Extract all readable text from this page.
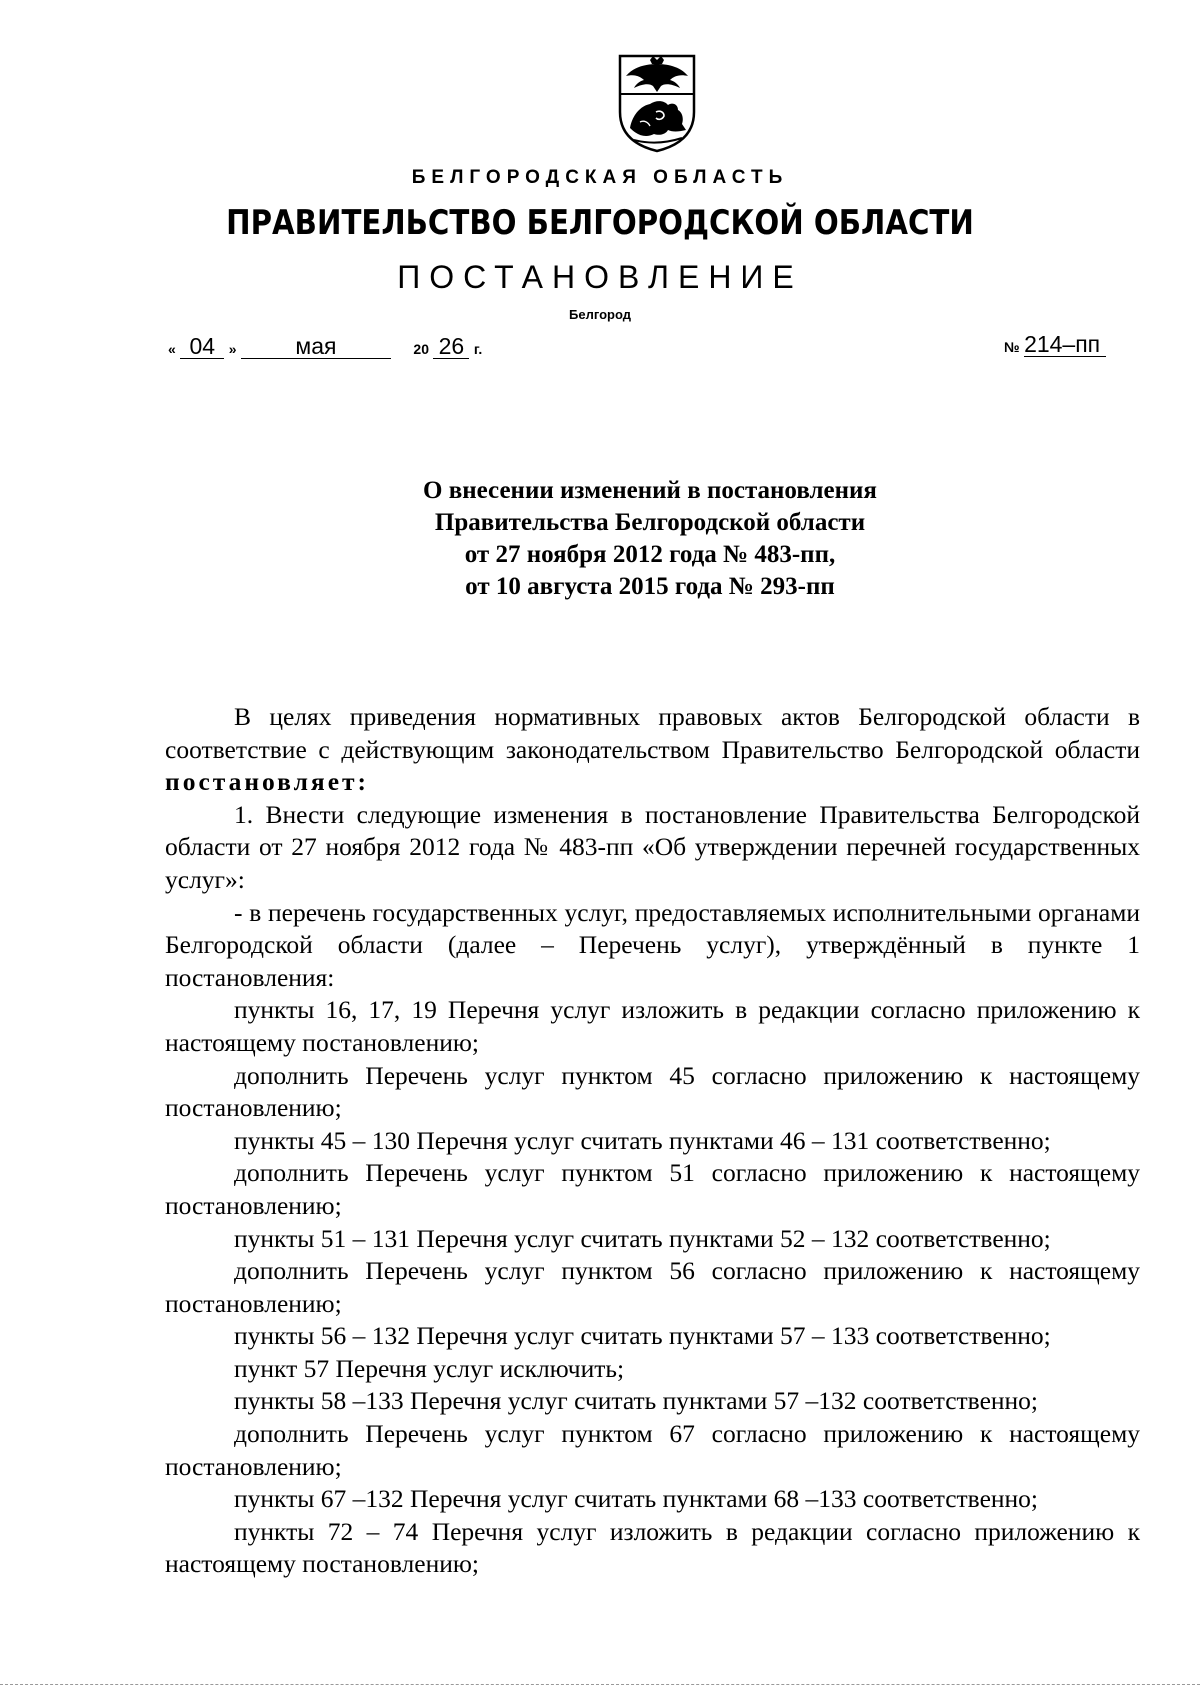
БЕЛГОРОДСКАЯ ОБЛАСТЬ
ПРАВИТЕЛЬСТВО БЕЛГОРОДСКОЙ ОБЛАСТИ
ПОСТАНОВЛЕНИЕ
Белгород
« 04 »	мая	20 26 г.	№ 214–пп
О внесении изменений в постановления
Правительства Белгородской области
от 27 ноября 2012 года № 483-пп,
от 10 августа 2015 года № 293-пп

В целях приведения нормативных правовых актов Белгородской области в соответствие с действующим законодательством Правительство Белгородской области постановляет:

1. Внести следующие изменения в постановление Правительства Белгородской области от 27 ноября 2012 года № 483-пп «Об утверждении перечней государственных услуг»:

- в перечень государственных услуг, предоставляемых исполнительными органами Белгородской области (далее – Перечень услуг), утверждённый в пункте 1 постановления:

пункты 16, 17, 19 Перечня услуг изложить в редакции согласно приложению к настоящему постановлению;

дополнить Перечень услуг пунктом 45 согласно приложению к настоящему постановлению;

пункты 45 – 130 Перечня услуг считать пунктами 46 – 131 соответственно;

дополнить Перечень услуг пунктом 51 согласно приложению к настоящему постановлению;

пункты 51 – 131 Перечня услуг считать пунктами 52 – 132 соответственно;

дополнить Перечень услуг пунктом 56 согласно приложению к настоящему постановлению;

пункты 56 – 132 Перечня услуг считать пунктами 57 – 133 соответственно;

пункт 57 Перечня услуг исключить;

пункты 58 –133 Перечня услуг считать пунктами 57 –132 соответственно;

дополнить Перечень услуг пунктом 67 согласно приложению к настоящему постановлению;

пункты 67 –132 Перечня услуг считать пунктами 68 –133 соответственно;

пункты 72 – 74 Перечня услуг изложить в редакции согласно приложению к настоящему постановлению;
